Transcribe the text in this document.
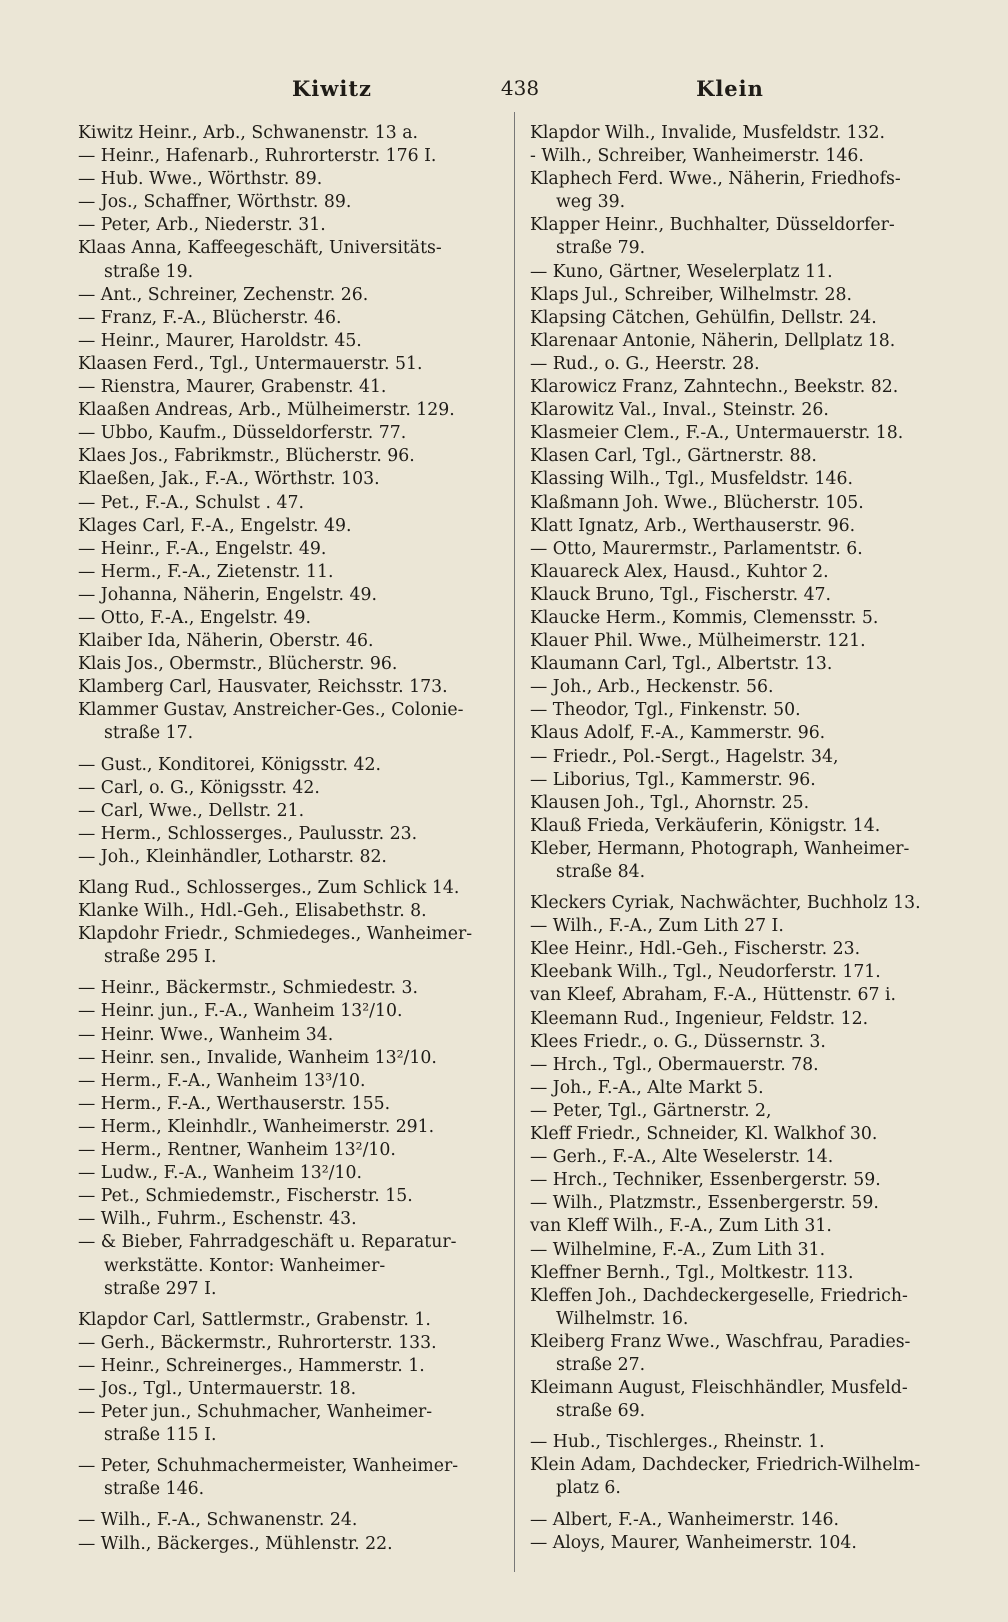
Kiwitz	438	Klein
Kiwitz Heinr., Arb., Schwanenstr. 13 a.
— Heinr., Hafenarb., Ruhrorterstr. 176 I.
— Hub. Wwe., Wörthstr. 89.
— Jos., Schaffner, Wörthstr. 89.
— Peter, Arb., Niederstr. 31.
Klaas Anna, Kaffeegeschäft, Universitäts-
straße 19.
— Ant., Schreiner, Zechenstr. 26.
— Franz, F.-A., Blücherstr. 46.
— Heinr., Maurer, Haroldstr. 45.
Klaasen Ferd., Tgl., Untermauerstr. 51.
— Rienstra, Maurer, Grabenstr. 41.
Klaaßen Andreas, Arb., Mülheimerstr. 129.
— Ubbo, Kaufm., Düsseldorferstr. 77.
Klaes Jos., Fabrikmstr., Blücherstr. 96.
Klaeßen, Jak., F.-A., Wörthstr. 103.
— Pet., F.-A., Schulst . 47.
Klages Carl, F.-A., Engelstr. 49.
— Heinr., F.-A., Engelstr. 49.
— Herm., F.-A., Zietenstr. 11.
— Johanna, Näherin, Engelstr. 49.
— Otto, F.-A., Engelstr. 49.
Klaiber Ida, Näherin, Oberstr. 46.
Klais Jos., Obermstr., Blücherstr. 96.
Klamberg Carl, Hausvater, Reichsstr. 173.
Klammer Gustav, Anstreicher-Ges., Colonie-
straße 17.
— Gust., Konditorei, Königsstr. 42.
— Carl, o. G., Königsstr. 42.
— Carl, Wwe., Dellstr. 21.
— Herm., Schlosserges., Paulusstr. 23.
— Joh., Kleinhändler, Lotharstr. 82.
Klang Rud., Schlosserges., Zum Schlick 14.
Klanke Wilh., Hdl.-Geh., Elisabethstr. 8.
Klapdohr Friedr., Schmiedeges., Wanheimer-
straße 295 I.
— Heinr., Bäckermstr., Schmiedestr. 3.
— Heinr. jun., F.-A., Wanheim 13²/10.
— Heinr. Wwe., Wanheim 34.
— Heinr. sen., Invalide, Wanheim 13²/10.
— Herm., F.-A., Wanheim 13³/10.
— Herm., F.-A., Werthauserstr. 155.
— Herm., Kleinhdlr., Wanheimerstr. 291.
— Herm., Rentner, Wanheim 13²/10.
— Ludw., F.-A., Wanheim 13²/10.
— Pet., Schmiedemstr., Fischerstr. 15.
— Wilh., Fuhrm., Eschenstr. 43.
— & Bieber, Fahrradgeschäft u. Reparatur-
werkstätte. Kontor: Wanheimer-
straße 297 I.
Klapdor Carl, Sattlermstr., Grabenstr. 1.
— Gerh., Bäckermstr., Ruhrorterstr. 133.
— Heinr., Schreinerges., Hammerstr. 1.
— Jos., Tgl., Untermauerstr. 18.
— Peter jun., Schuhmacher, Wanheimer-
straße 115 I.
— Peter, Schuhmachermeister, Wanheimer-
straße 146.
— Wilh., F.-A., Schwanenstr. 24.
— Wilh., Bäckerges., Mühlenstr. 22.
Klapdor Wilh., Invalide, Musfeldstr. 132.
- Wilh., Schreiber, Wanheimerstr. 146.
Klaphech Ferd. Wwe., Näherin, Friedhofs-
weg 39.
Klapper Heinr., Buchhalter, Düsseldorfer-
straße 79.
— Kuno, Gärtner, Weselerplatz 11.
Klaps Jul., Schreiber, Wilhelmstr. 28.
Klapsing Cätchen, Gehülfin, Dellstr. 24.
Klarenaar Antonie, Näherin, Dellplatz 18.
— Rud., o. G., Heerstr. 28.
Klarowicz Franz, Zahntechn., Beekstr. 82.
Klarowitz Val., Inval., Steinstr. 26.
Klasmeier Clem., F.-A., Untermauerstr. 18.
Klasen Carl, Tgl., Gärtnerstr. 88.
Klassing Wilh., Tgl., Musfeldstr. 146.
Klaßmann Joh. Wwe., Blücherstr. 105.
Klatt Ignatz, Arb., Werthauserstr. 96.
— Otto, Maurermstr., Parlamentstr. 6.
Klauareck Alex, Hausd., Kuhtor 2.
Klauck Bruno, Tgl., Fischerstr. 47.
Klaucke Herm., Kommis, Clemensstr. 5.
Klauer Phil. Wwe., Mülheimerstr. 121.
Klaumann Carl, Tgl., Albertstr. 13.
— Joh., Arb., Heckenstr. 56.
— Theodor, Tgl., Finkenstr. 50.
Klaus Adolf, F.-A., Kammerstr. 96.
— Friedr., Pol.-Sergt., Hagelstr. 34,
— Liborius, Tgl., Kammerstr. 96.
Klausen Joh., Tgl., Ahornstr. 25.
Klauß Frieda, Verkäuferin, Königstr. 14.
Kleber, Hermann, Photograph, Wanheimer-
straße 84.
Kleckers Cyriak, Nachwächter, Buchholz 13.
— Wilh., F.-A., Zum Lith 27 I.
Klee Heinr., Hdl.-Geh., Fischerstr. 23.
Kleebank Wilh., Tgl., Neudorferstr. 171.
van Kleef, Abraham, F.-A., Hüttenstr. 67 i.
Kleemann Rud., Ingenieur, Feldstr. 12.
Klees Friedr., o. G., Düssernstr. 3.
— Hrch., Tgl., Obermauerstr. 78.
— Joh., F.-A., Alte Markt 5.
— Peter, Tgl., Gärtnerstr. 2,
Kleff Friedr., Schneider, Kl. Walkhof 30.
— Gerh., F.-A., Alte Weselerstr. 14.
— Hrch., Techniker, Essenbergerstr. 59.
— Wilh., Platzmstr., Essenbergerstr. 59.
van Kleff Wilh., F.-A., Zum Lith 31.
— Wilhelmine, F.-A., Zum Lith 31.
Kleffner Bernh., Tgl., Moltkestr. 113.
Kleffen Joh., Dachdeckergeselle, Friedrich-
Wilhelmstr. 16.
Kleiberg Franz Wwe., Waschfrau, Paradies-
straße 27.
Kleimann August, Fleischhändler, Musfeld-
straße 69.
— Hub., Tischlerges., Rheinstr. 1.
Klein Adam, Dachdecker, Friedrich-Wilhelm-
platz 6.
— Albert, F.-A., Wanheimerstr. 146.
— Aloys, Maurer, Wanheimerstr. 104.
